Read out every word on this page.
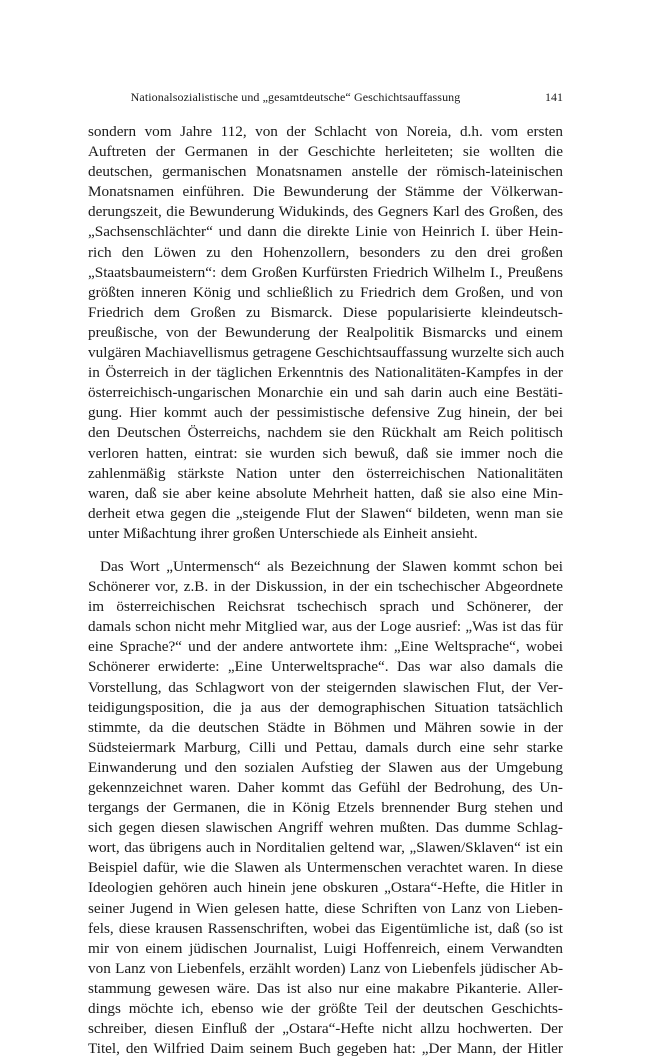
Nationalsozialistische und „gesamtdeutsche“ Geschichtsauffassung	141
sondern vom Jahre 112, von der Schlacht von Noreia, d.h. vom ersten
Auftreten der Germanen in der Geschichte herleiteten; sie wollten die
deutschen, germanischen Monatsnamen anstelle der römisch-lateinischen
Monatsnamen einführen. Die Bewunderung der Stämme der Völkerwan-
derungszeit, die Bewunderung Widukinds, des Gegners Karl des Großen, des
„Sachsenschlächter“ und dann die direkte Linie von Heinrich I. über Hein-
rich den Löwen zu den Hohenzollern, besonders zu den drei großen
„Staatsbaumeistern“: dem Großen Kurfürsten Friedrich Wilhelm I., Preußens
größten inneren König und schließlich zu Friedrich dem Großen, und von
Friedrich dem Großen zu Bismarck. Diese popularisierte kleindeutsch-
preußische, von der Bewunderung der Realpolitik Bismarcks und einem
vulgären Machiavellismus getragene Geschichtsauffassung wurzelte sich auch
in Österreich in der täglichen Erkenntnis des Nationalitäten-Kampfes in der
österreichisch-ungarischen Monarchie ein und sah darin auch eine Bestäti-
gung. Hier kommt auch der pessimistische defensive Zug hinein, der bei
den Deutschen Österreichs, nachdem sie den Rückhalt am Reich politisch
verloren hatten, eintrat: sie wurden sich bewuß, daß sie immer noch die
zahlenmäßig stärkste Nation unter den österreichischen Nationalitäten
waren, daß sie aber keine absolute Mehrheit hatten, daß sie also eine Min-
derheit etwa gegen die „steigende Flut der Slawen“ bildeten, wenn man sie
unter Mißachtung ihrer großen Unterschiede als Einheit ansieht.
Das Wort „Untermensch“ als Bezeichnung der Slawen kommt schon bei
Schönerer vor, z.B. in der Diskussion, in der ein tschechischer Abgeordnete
im österreichischen Reichsrat tschechisch sprach und Schönerer, der
damals schon nicht mehr Mitglied war, aus der Loge ausrief: „Was ist das für
eine Sprache?“ und der andere antwortete ihm: „Eine Weltsprache“, wobei
Schönerer erwiderte: „Eine Unterweltsprache“. Das war also damals die
Vorstellung, das Schlagwort von der steigernden slawischen Flut, der Ver-
teidigungsposition, die ja aus der demographischen Situation tatsächlich
stimmte, da die deutschen Städte in Böhmen und Mähren sowie in der
Südsteiermark Marburg, Cilli und Pettau, damals durch eine sehr starke
Einwanderung und den sozialen Aufstieg der Slawen aus der Umgebung
gekennzeichnet waren. Daher kommt das Gefühl der Bedrohung, des Un-
tergangs der Germanen, die in König Etzels brennender Burg stehen und
sich gegen diesen slawischen Angriff wehren mußten. Das dumme Schlag-
wort, das übrigens auch in Norditalien geltend war, „Slawen/Sklaven“ ist ein
Beispiel dafür, wie die Slawen als Untermenschen verachtet waren. In diese
Ideologien gehören auch hinein jene obskuren „Ostara“-Hefte, die Hitler in
seiner Jugend in Wien gelesen hatte, diese Schriften von Lanz von Lieben-
fels, diese krausen Rassenschriften, wobei das Eigentümliche ist, daß (so ist
mir von einem jüdischen Journalist, Luigi Hoffenreich, einem Verwandten
von Lanz von Liebenfels, erzählt worden) Lanz von Liebenfels jüdischer Ab-
stammung gewesen wäre. Das ist also nur eine makabre Pikanterie. Aller-
dings möchte ich, ebenso wie der größte Teil der deutschen Geschichts-
schreiber, diesen Einfluß der „Ostara“-Hefte nicht allzu hochwerten. Der
Titel, den Wilfried Daim seinem Buch gegeben hat: „Der Mann, der Hitler
